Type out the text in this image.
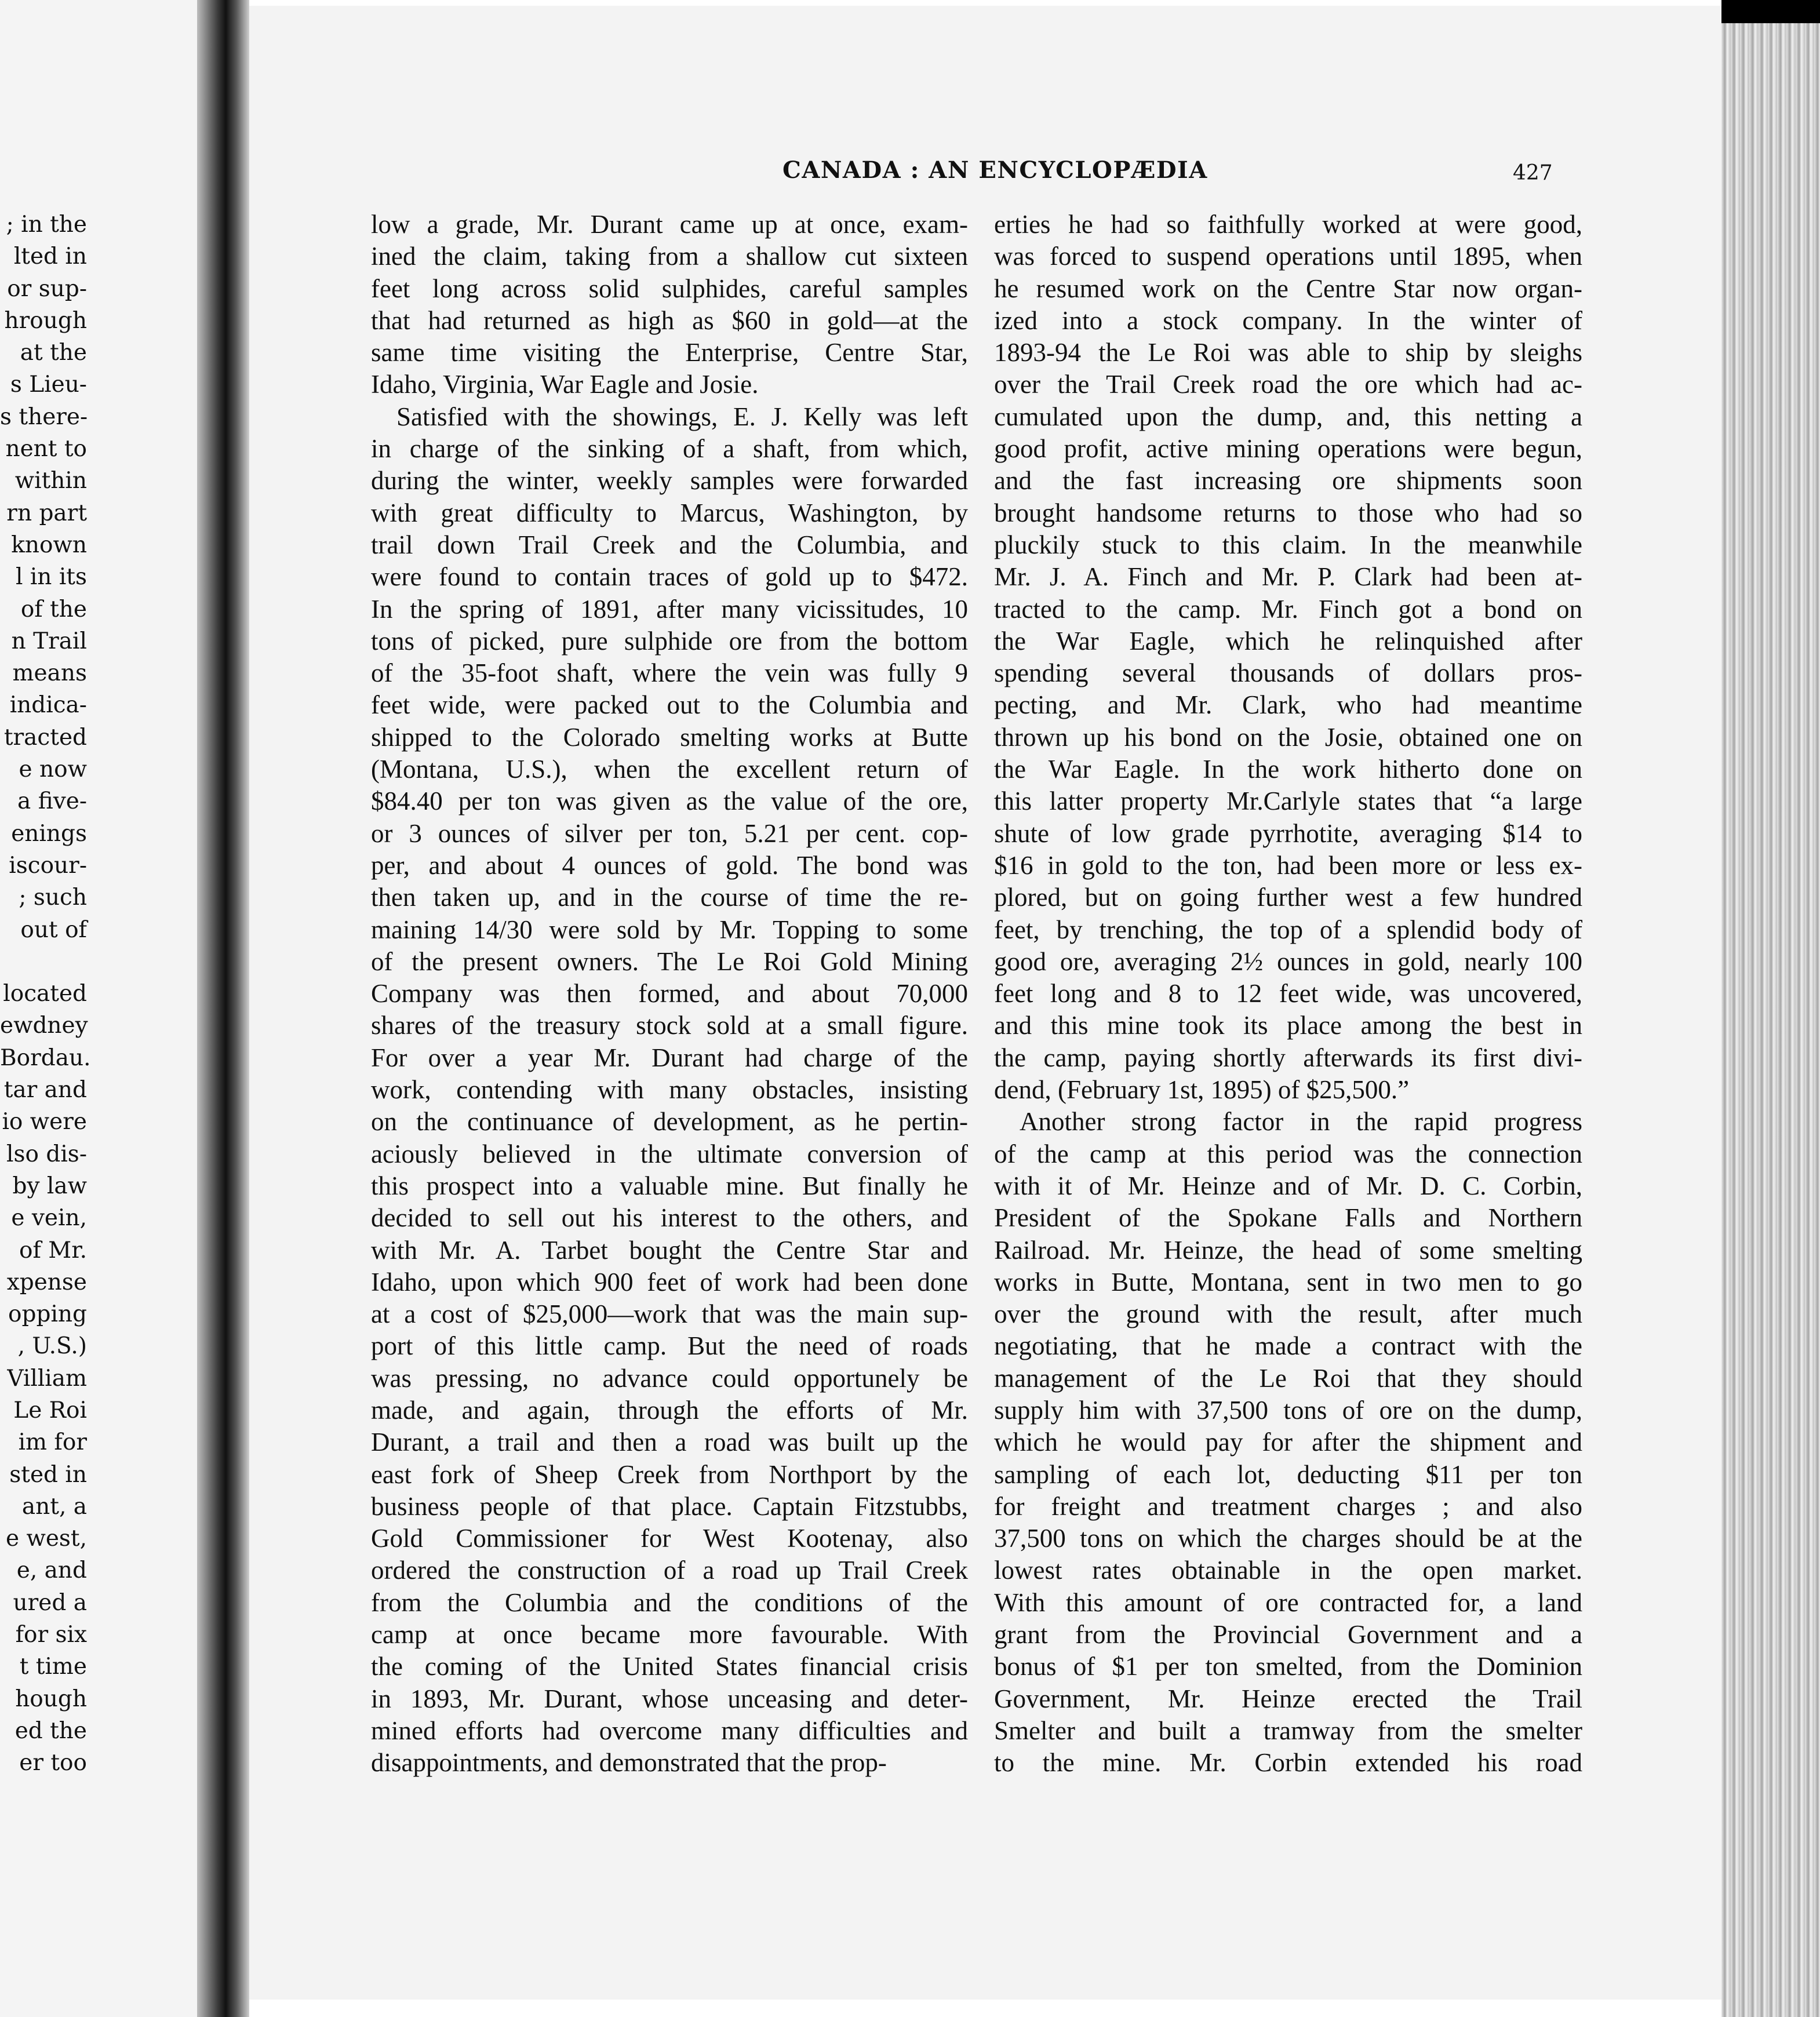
; in the
lted in
or sup-
hrough
at the
s Lieu-
s there-
nent to
within
rn part
known
l in its
of the
n Trail
means
indica-
tracted
e now
a five-
enings
iscour-
; such
out of
located
ewdney
Bordau.
tar and
io were
lso dis-
by law
e vein,
of Mr.
xpense
opping
, U.S.)
Villiam
Le Roi
im for
sted in
ant, a
e west,
e, and
ured a
for six
t time
hough
ed the
er too
CANADA : AN ENCYCLOPÆDIA	427
low a grade, Mr. Durant came up at once, exam-
ined the claim, taking from a shallow cut sixteen
feet long across solid sulphides, careful samples
that had returned as high as $60 in gold—at the
same time visiting the Enterprise, Centre Star,
Idaho, Virginia, War Eagle and Josie.
Satisfied with the showings, E. J. Kelly was left
in charge of the sinking of a shaft, from which,
during the winter, weekly samples were forwarded
with great difficulty to Marcus, Washington, by
trail down Trail Creek and the Columbia, and
were found to contain traces of gold up to $472.
In the spring of 1891, after many vicissitudes, 10
tons of picked, pure sulphide ore from the bottom
of the 35-foot shaft, where the vein was fully 9
feet wide, were packed out to the Columbia and
shipped to the Colorado smelting works at Butte
(Montana, U.S.), when the excellent return of
$84.40 per ton was given as the value of the ore,
or 3 ounces of silver per ton, 5.21 per cent. cop-
per, and about 4 ounces of gold. The bond was
then taken up, and in the course of time the re-
maining 14/30 were sold by Mr. Topping to some
of the present owners. The Le Roi Gold Mining
Company was then formed, and about 70,000
shares of the treasury stock sold at a small figure.
For over a year Mr. Durant had charge of the
work, contending with many obstacles, insisting
on the continuance of development, as he pertin-
aciously believed in the ultimate conversion of
this prospect into a valuable mine. But finally he
decided to sell out his interest to the others, and
with Mr. A. Tarbet bought the Centre Star and
Idaho, upon which 900 feet of work had been done
at a cost of $25,000—work that was the main sup-
port of this little camp. But the need of roads
was pressing, no advance could opportunely be
made, and again, through the efforts of Mr.
Durant, a trail and then a road was built up the
east fork of Sheep Creek from Northport by the
business people of that place. Captain Fitzstubbs,
Gold Commissioner for West Kootenay, also
ordered the construction of a road up Trail Creek
from the Columbia and the conditions of the
camp at once became more favourable. With
the coming of the United States financial crisis
in 1893, Mr. Durant, whose unceasing and deter-
mined efforts had overcome many difficulties and
disappointments, and demonstrated that the prop-
erties he had so faithfully worked at were good,
was forced to suspend operations until 1895, when
he resumed work on the Centre Star now organ-
ized into a stock company. In the winter of
1893-94 the Le Roi was able to ship by sleighs
over the Trail Creek road the ore which had ac-
cumulated upon the dump, and, this netting a
good profit, active mining operations were begun,
and the fast increasing ore shipments soon
brought handsome returns to those who had so
pluckily stuck to this claim. In the meanwhile
Mr. J. A. Finch and Mr. P. Clark had been at-
tracted to the camp. Mr. Finch got a bond on
the War Eagle, which he relinquished after
spending several thousands of dollars pros-
pecting, and Mr. Clark, who had meantime
thrown up his bond on the Josie, obtained one on
the War Eagle. In the work hitherto done on
this latter property Mr.Carlyle states that “a large
shute of low grade pyrrhotite, averaging $14 to
$16 in gold to the ton, had been more or less ex-
plored, but on going further west a few hundred
feet, by trenching, the top of a splendid body of
good ore, averaging 2½ ounces in gold, nearly 100
feet long and 8 to 12 feet wide, was uncovered,
and this mine took its place among the best in
the camp, paying shortly afterwards its first divi-
dend, (February 1st, 1895) of $25,500.”
Another strong factor in the rapid progress
of the camp at this period was the connection
with it of Mr. Heinze and of Mr. D. C. Corbin,
President of the Spokane Falls and Northern
Railroad. Mr. Heinze, the head of some smelting
works in Butte, Montana, sent in two men to go
over the ground with the result, after much
negotiating, that he made a contract with the
management of the Le Roi that they should
supply him with 37,500 tons of ore on the dump,
which he would pay for after the shipment and
sampling of each lot, deducting $11 per ton
for freight and treatment charges ; and also
37,500 tons on which the charges should be at the
lowest rates obtainable in the open market.
With this amount of ore contracted for, a land
grant from the Provincial Government and a
bonus of $1 per ton smelted, from the Dominion
Government, Mr. Heinze erected the Trail
Smelter and built a tramway from the smelter
to the mine. Mr. Corbin extended his road
